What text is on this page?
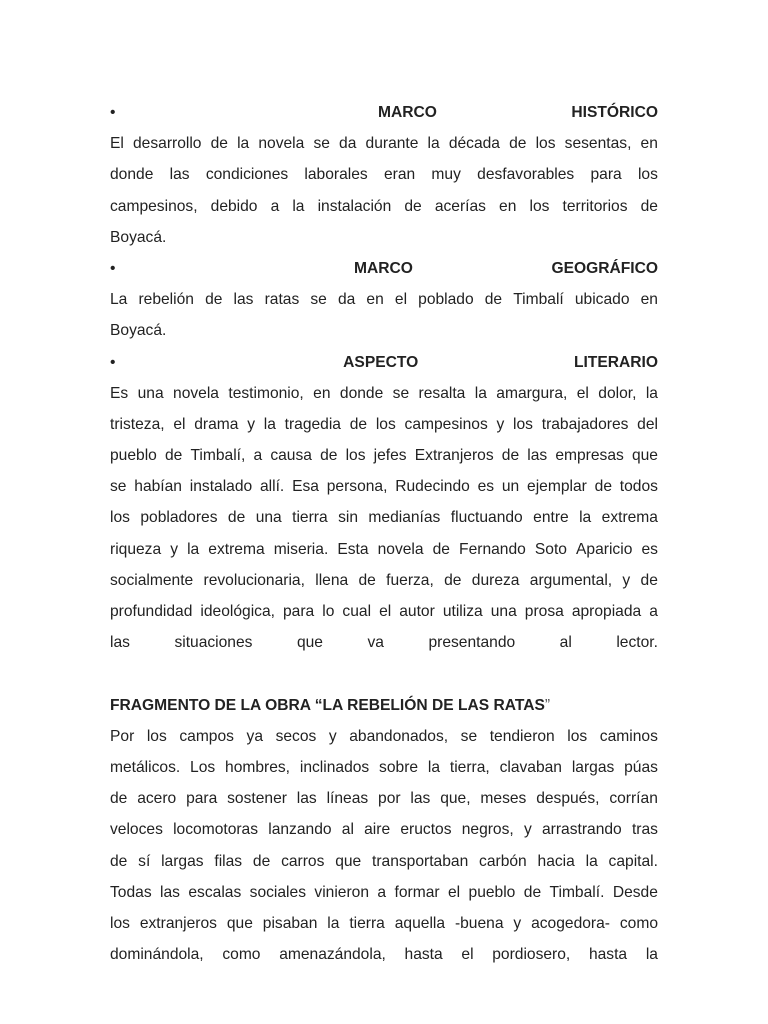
•	MARCO	HISTÓRICO
El desarrollo de la novela se da durante la década de los sesentas, en
donde las condiciones laborales eran muy desfavorables para los
campesinos, debido a la instalación de acerías en los territorios de
Boyacá.
•	MARCO	GEOGRÁFICO
La rebelión de las ratas se da en el poblado de Timbalí ubicado en
Boyacá.
•	ASPECTO	LITERARIO
Es una novela testimonio, en donde se resalta la amargura, el dolor, la
tristeza, el drama y la tragedia de los campesinos y los trabajadores del
pueblo de Timbalí, a causa de los jefes Extranjeros de las empresas que
se habían instalado allí. Esa persona, Rudecindo es un ejemplar de todos
los pobladores de una tierra sin medianías fluctuando entre la extrema
riqueza y la extrema miseria. Esta novela de Fernando Soto Aparicio es
socialmente revolucionaria, llena de fuerza, de dureza argumental, y de
profundidad ideológica, para lo cual el autor utiliza una prosa apropiada a
las	situaciones	que	va	presentando	al	lector.
FRAGMENTO DE LA OBRA “LA REBELIÓN DE LAS RATAS ”
Por los campos ya secos y abandonados, se tendieron los caminos
metálicos. Los hombres, inclinados sobre la tierra, clavaban largas púas
de acero para sostener las líneas por las que, meses después, corrían
veloces locomotoras lanzando al aire eructos negros, y arrastrando tras
de sí largas filas de carros que transportaban carbón hacia la capital.
Todas las escalas sociales vinieron a formar el pueblo de Timbalí. Desde
los extranjeros que pisaban la tierra aquella -buena y acogedora- como
dominándola, como amenazándola, hasta el pordiosero, hasta la
